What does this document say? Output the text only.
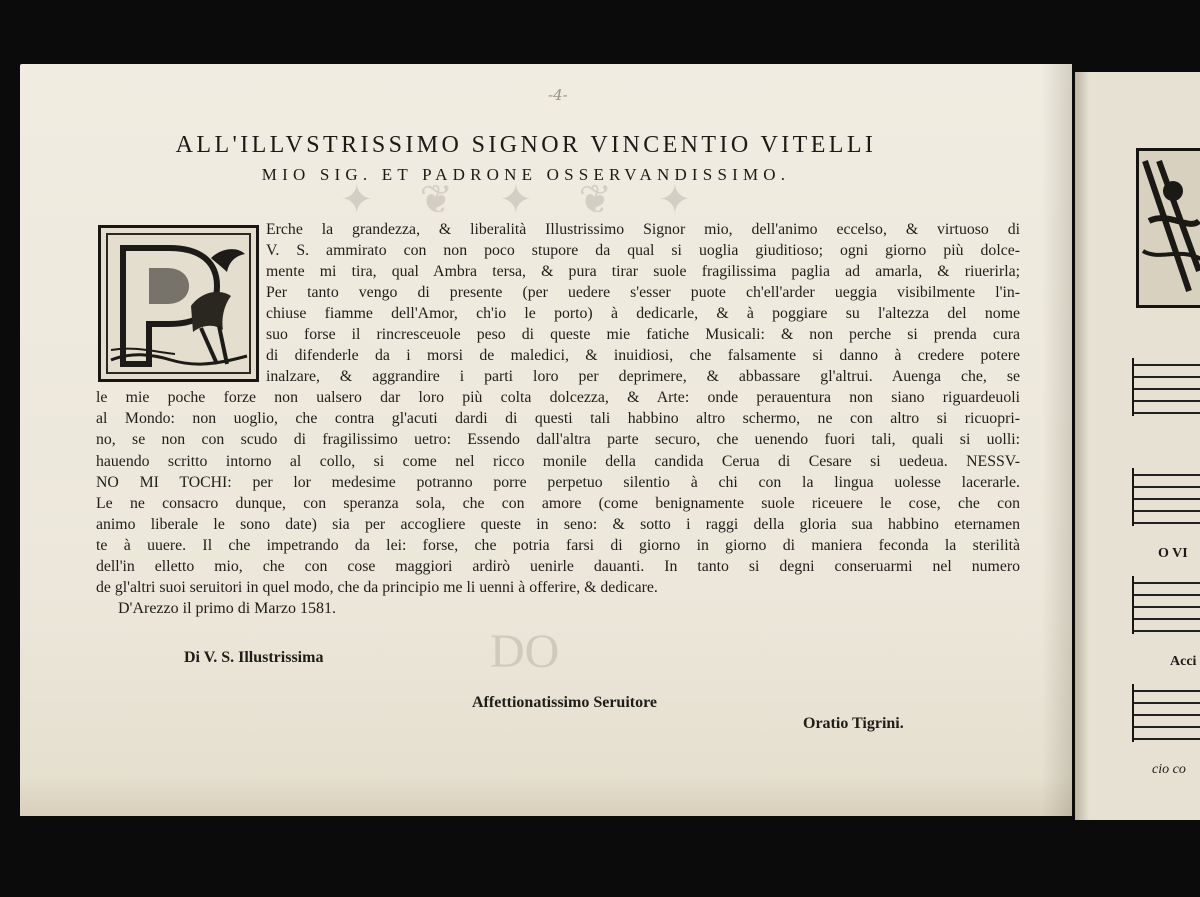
✦ ❦ ✦ ❦ ✦
DO
-4-
ALL'ILLVSTRISSIMO SIGNOR VINCENTIO VITELLI
MIO SIG. ET PADRONE OSSERVANDISSIMO.
Erche la grandezza, & liberalità Illustrissimo Signor mio, dell'animo eccelso, & virtuoso di
V. S. ammirato con non poco stupore da qual si uoglia giuditioso; ogni giorno più dolce-
mente mi tira, qual Ambra tersa, & pura tirar suole fragilissima paglia ad amarla, & riuerirla;
Per tanto vengo di presente (per uedere s'esser puote ch'ell'arder ueggia visibilmente l'in-
chiuse fiamme dell'Amor, ch'io le porto) à dedicarle, & à poggiare su l'altezza del nome
suo forse il rincresceuole peso di queste mie fatiche Musicali: & non perche si prenda cura
di difenderle da i morsi de maledici, & inuidiosi, che falsamente si danno à credere potere
inalzare, & aggrandire i parti loro per deprimere, & abbassare gl'altrui. Auenga che, se
le mie poche forze non ualsero dar loro più colta dolcezza, & Arte: onde perauentura non siano riguardeuoli
al Mondo: non uoglio, che contra gl'acuti dardi di questi tali habbino altro schermo, ne con altro si ricuopri-
no, se non con scudo di fragilissimo uetro: Essendo dall'altra parte securo, che uenendo fuori tali, quali si uolli:
hauendo scritto intorno al collo, si come nel ricco monile della candida Cerua di Cesare si uedeua. NESSV-
NO MI TOCHI: per lor medesime potranno porre perpetuo silentio à chi con la lingua uolesse lacerarle.
Le ne consacro dunque, con speranza sola, che con amore (come benignamente suole riceuere le cose, che con
animo liberale le sono date) sia per accogliere queste in seno: & sotto i raggi della gloria sua habbino eternamen
te à uuere. Il che impetrando da lei: forse, che potria farsi di giorno in giorno di maniera feconda la sterilità
dell'in elletto mio, che con cose maggiori ardirò uenirle dauanti. In tanto si degni conseruarmi nel numero
de gl'altri suoi seruitori in quel modo, che da principio me li uenni à offerire, & dedicare.
D'Arezzo il primo di Marzo 1581.
Di V. S. Illustrissima
Affettionatissimo Seruitore
Oratio Tigrini.
O VI
Acci
cio co
